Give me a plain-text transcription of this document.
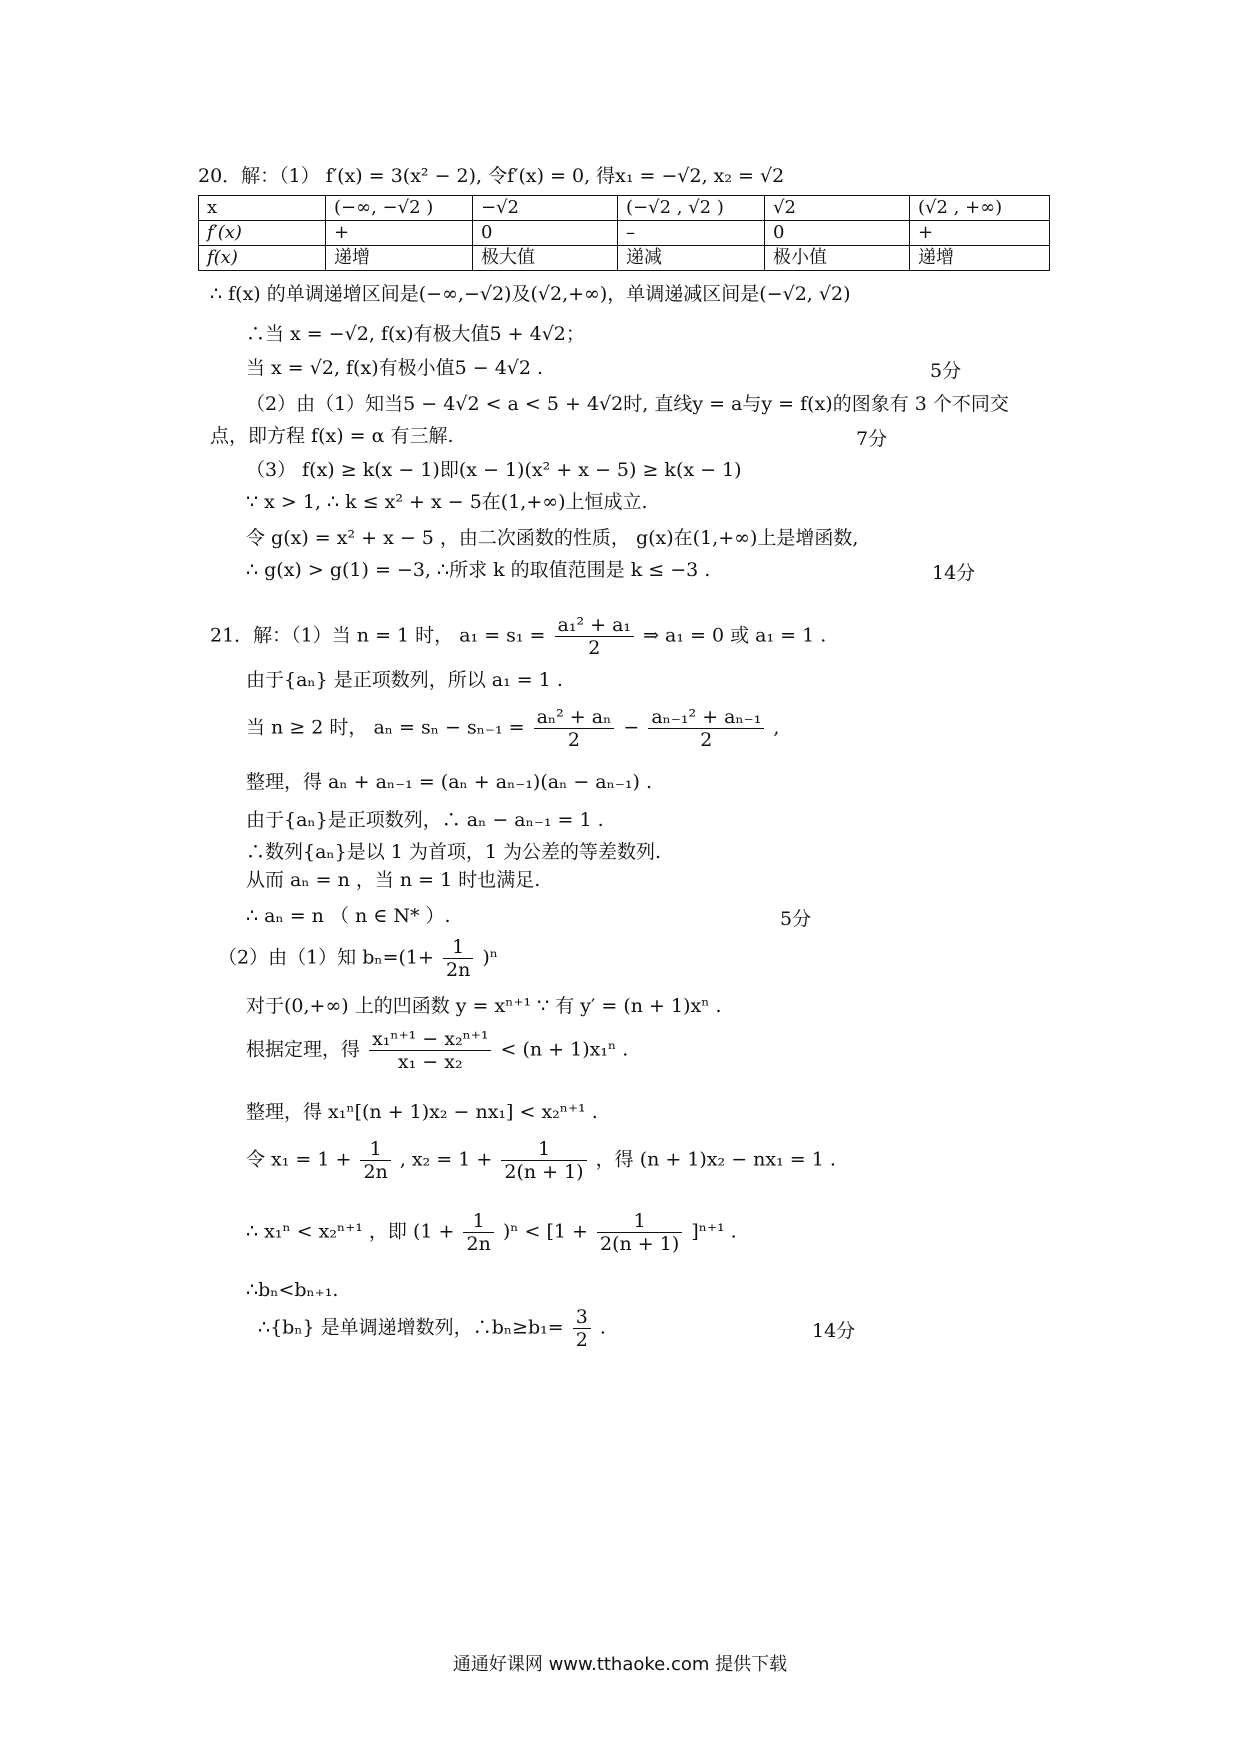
20．解：（1） f′(x) = 3(x² − 2), 令f′(x) = 0, 得x₁ = −√2, x₂ = √2
x	(−∞, −√2 )	−√2	(−√2 , √2 )	√2	(√2 , +∞)
f′(x)	+	0	–	0	+
f(x)	递增	极大值	递减	极小值	递增
∴ f(x) 的单调递增区间是(−∞,−√2)及(√2,+∞)，单调递减区间是(−√2, √2)
∴当 x = −√2, f(x)有极大值5 + 4√2；
当 x = √2, f(x)有极小值5 − 4√2 .	5分
（2）由（1）知当5 − 4√2 < a < 5 + 4√2时, 直线y = a与y = f(x)的图象有 3 个不同交
点，即方程 f(x) = α 有三解.	7分
（3） f(x) ≥ k(x − 1)即(x − 1)(x² + x − 5) ≥ k(x − 1)
∵ x > 1, ∴ k ≤ x² + x − 5在(1,+∞)上恒成立.
令 g(x) = x² + x − 5 ，由二次函数的性质， g(x)在(1,+∞)上是增函数,
∴ g(x) > g(1) = −3, ∴所求 k 的取值范围是 k ≤ −3 .	14分
21．解：（1）当 n = 1 时， $a_1 = s_1 = \frac{\text{a₁² + a₁}}{2}$ ⇒ a₁ = 0 或 a₁ = 1 .
由于{aₙ} 是正项数列，所以 a₁ = 1 .
当 n ≥ 2 时， $a_n = s_n - s_{n-1} = \frac{\text{aₙ² + aₙ}}{2} - \frac{\text{aₙ₋₁² + aₙ₋₁}}{2}$ ,
整理，得 aₙ + aₙ₋₁ = (aₙ + aₙ₋₁)(aₙ − aₙ₋₁) .
由于{aₙ}是正项数列，∴ aₙ − aₙ₋₁ = 1 .
∴数列{aₙ}是以 1 为首项，1 为公差的等差数列.
从而 aₙ = n ，当 n = 1 时也满足.
∴ aₙ = n （ n ∈ N* ）.	5分
（2）由（1）知 $b_n=(1+ \frac{1}{2n} )^n$
对于(0,+∞) 上的凹函数 y = xⁿ⁺¹ ∵ 有 y′ = (n + 1)xⁿ .
根据定理，得 $\frac{\text{x₁ⁿ⁺¹ − x₂ⁿ⁺¹}}{\text{x₁ − x₂}} < (n + 1)x_1^n$ .
整理，得 x₁ⁿ[(n + 1)x₂ − nx₁] < x₂ⁿ⁺¹ .
令 $x_1 = 1 + \frac{1}{2n}$ , $x_2 = 1 + \frac{1}{2(n + 1)}$ ，得 (n + 1)x₂ − nx₁ = 1 .
∴ x₁ⁿ < x₂ⁿ⁺¹ ，即 $(1 + \frac{1}{2n} )^n < [1 + \frac{1}{2(n + 1)} ]^{n+1}$ .
∴bₙ<bₙ₊₁.
∴{bₙ} 是单调递增数列，∴bₙ≥b₁= $\frac{3}{2}$ .	14分
通通好课网 www.tthaoke.com 提供下载
